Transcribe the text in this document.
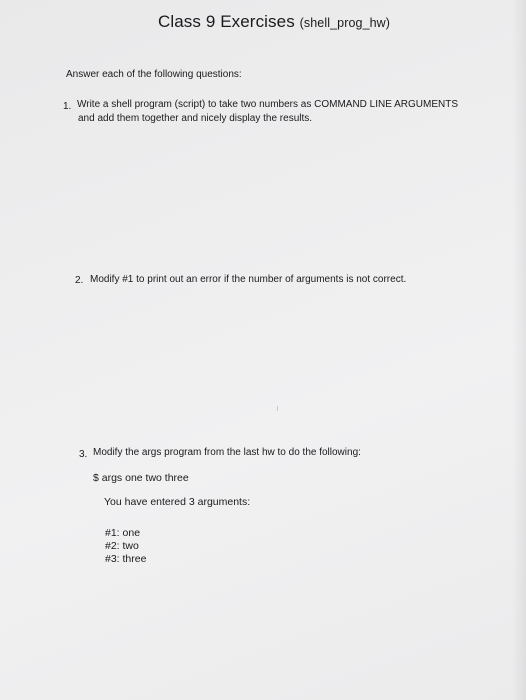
Class 9 Exercises (shell_prog_hw)
Answer each of the following questions:
1. Write a shell program (script) to take two numbers as COMMAND LINE ARGUMENTS
and add them together and nicely display the results.
2. Modify #1 to print out an error if the number of arguments is not correct.
3. Modify the args program from the last hw to do the following:
$ args one two three
You have entered 3 arguments:
#1: one
#2: two
#3: three
